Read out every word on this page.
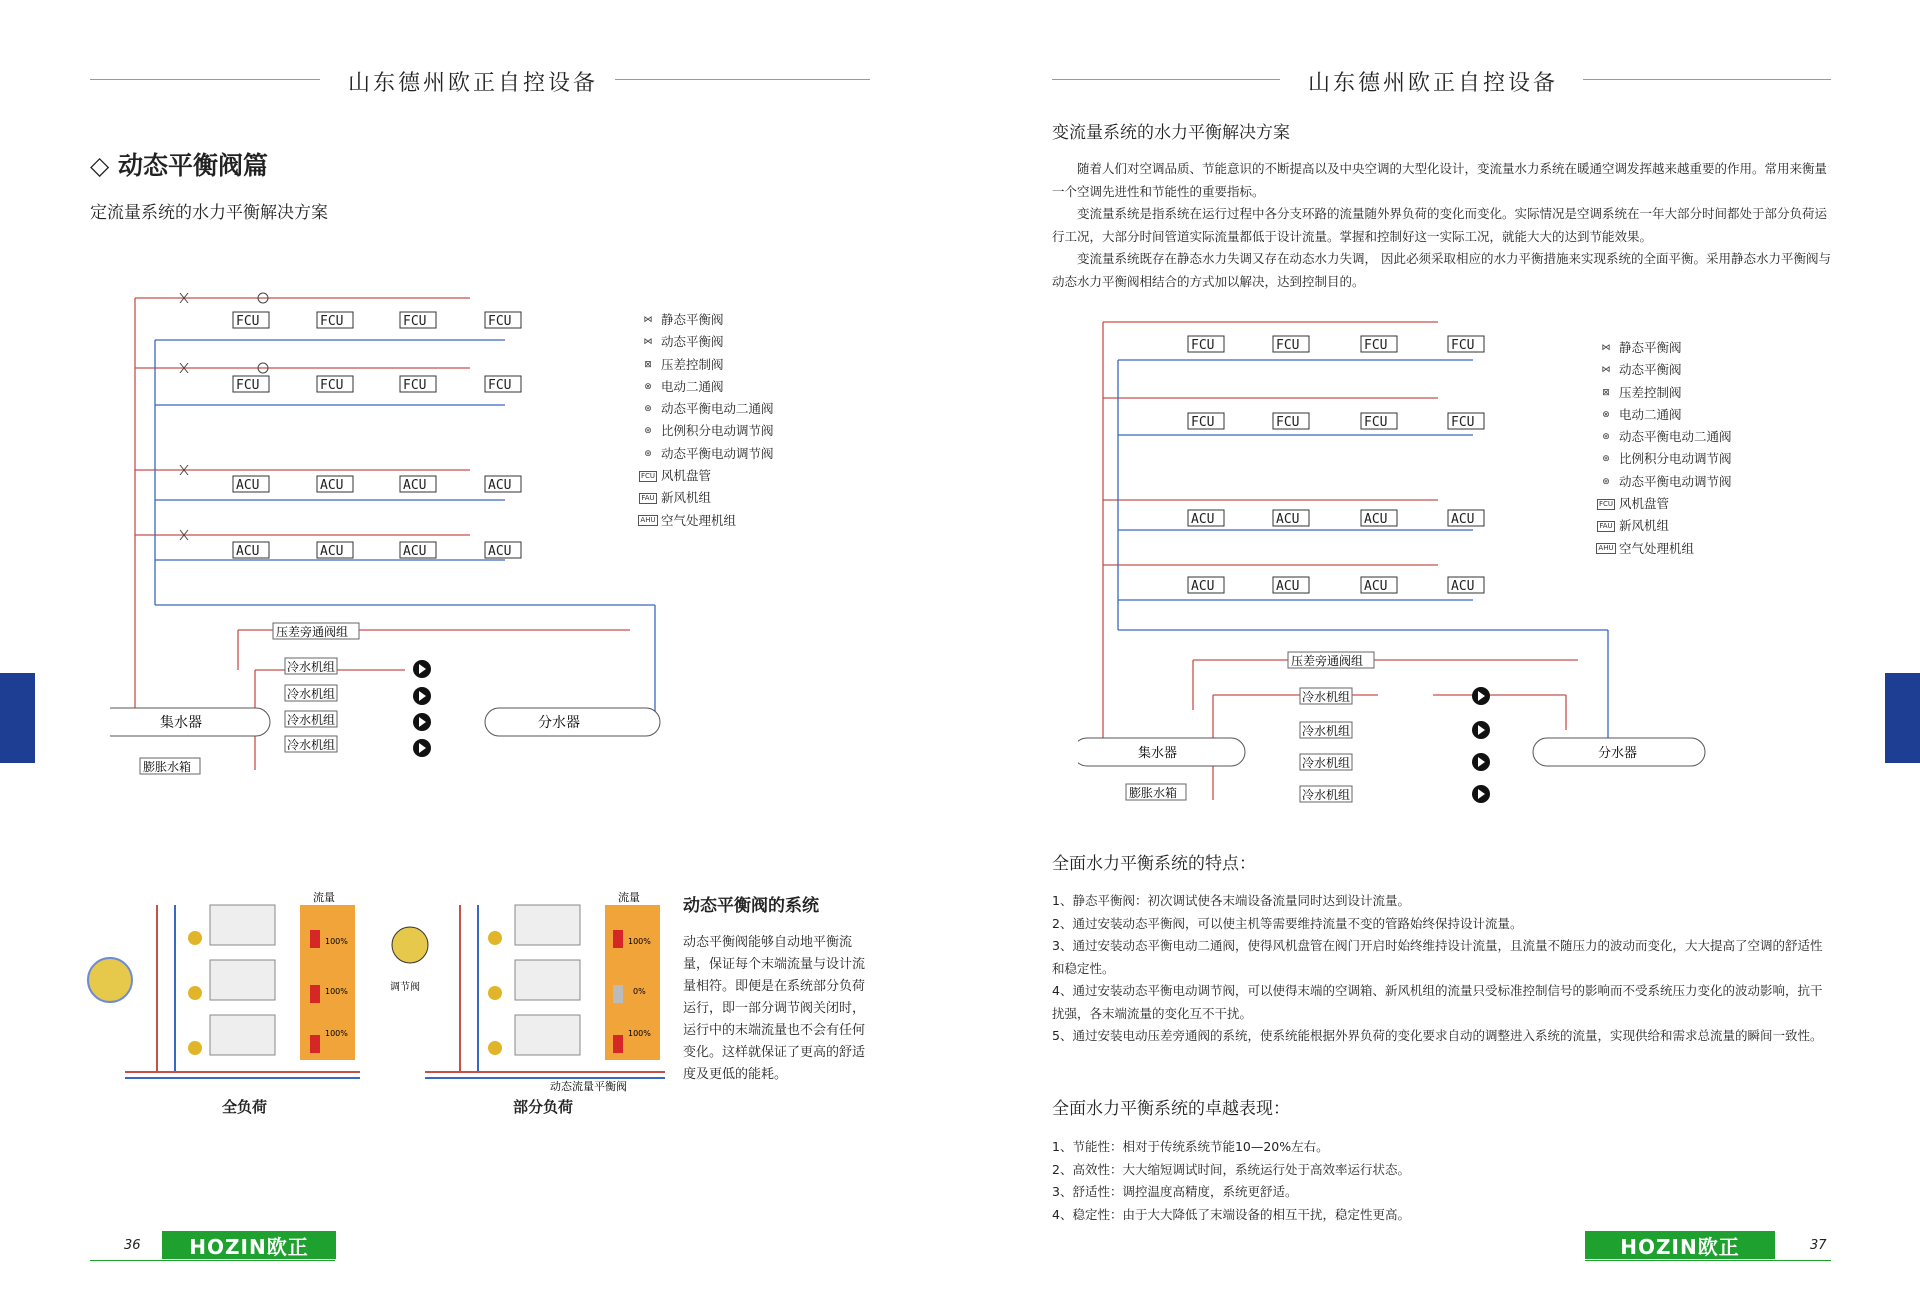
山东德州欧正自控设备
◇ 动态平衡阀篇
定流量系统的水力平衡解决方案
FCU	FCU	FCU	FCU
FCU	FCU	FCU	FCU
ACU	ACU	ACU	ACU
ACU	ACU	ACU	ACU
压差旁通阀组
冷水机组
冷水机组
冷水机组
冷水机组
集水器	分水器
膨胀水箱
⋈ 静态平衡阀
⋈ 动态平衡阀
⊠ 压差控制阀
⊗ 电动二通阀
⊛ 动态平衡电动二通阀
⊛ 比例积分电动调节阀
⊛ 动态平衡电动调节阀
FCU 风机盘管
FAU 新风机组
AHU 空气处理机组
流量
100%
100%
100%
流量
100%
0%
100%
调节阀
动态流量平衡阀
全负荷	部分负荷
动态平衡阀的系统
动态平衡阀能够自动地平衡流量，保证每个末端流量与设计流量相符。即便是在系统部分负荷运行，即一部分调节阀关闭时，运行中的末端流量也不会有任何变化。这样就保证了更高的舒适度及更低的能耗。
36	HOZIN欧正
山东德州欧正自控设备
变流量系统的水力平衡解决方案
随着人们对空调品质、节能意识的不断提高以及中央空调的大型化设计，变流量水力系统在暖通空调发挥越来越重要的作用。常用来衡量一个空调先进性和节能性的重要指标。
变流量系统是指系统在运行过程中各分支环路的流量随外界负荷的变化而变化。实际情况是空调系统在一年大部分时间都处于部分负荷运行工况，大部分时间管道实际流量都低于设计流量。掌握和控制好这一实际工况，就能大大的达到节能效果。
变流量系统既存在静态水力失调又存在动态水力失调， 因此必须采取相应的水力平衡措施来实现系统的全面平衡。采用静态水力平衡阀与动态水力平衡阀相结合的方式加以解决，达到控制目的。
FCU	FCU	FCU	FCU
FCU	FCU	FCU	FCU
ACU	ACU	ACU	ACU
ACU	ACU	ACU	ACU
压差旁通阀组
冷水机组
冷水机组
冷水机组
冷水机组
集水器	分水器
膨胀水箱
⋈ 静态平衡阀
⋈ 动态平衡阀
⊠ 压差控制阀
⊗ 电动二通阀
⊛ 动态平衡电动二通阀
⊛ 比例积分电动调节阀
⊛ 动态平衡电动调节阀
FCU 风机盘管
FAU 新风机组
AHU 空气处理机组
全面水力平衡系统的特点：
1、静态平衡阀：初次调试使各末端设备流量同时达到设计流量。
2、通过安装动态平衡阀，可以使主机等需要维持流量不变的管路始终保持设计流量。
3、通过安装动态平衡电动二通阀，使得风机盘管在阀门开启时始终维持设计流量，且流量不随压力的波动而变化，大大提高了空调的舒适性和稳定性。
4、通过安装动态平衡电动调节阀，可以使得末端的空调箱、新风机组的流量只受标准控制信号的影响而不受系统压力变化的波动影响，抗干扰强，各末端流量的变化互不干扰。
5、通过安装电动压差旁通阀的系统，使系统能根据外界负荷的变化要求自动的调整进入系统的流量，实现供给和需求总流量的瞬间一致性。
全面水力平衡系统的卓越表现：
1、节能性：相对于传统系统节能10—20%左右。
2、高效性：大大缩短调试时间，系统运行处于高效率运行状态。
3、舒适性：调控温度高精度，系统更舒适。
4、稳定性：由于大大降低了末端设备的相互干扰，稳定性更高。
HOZIN欧正	37
